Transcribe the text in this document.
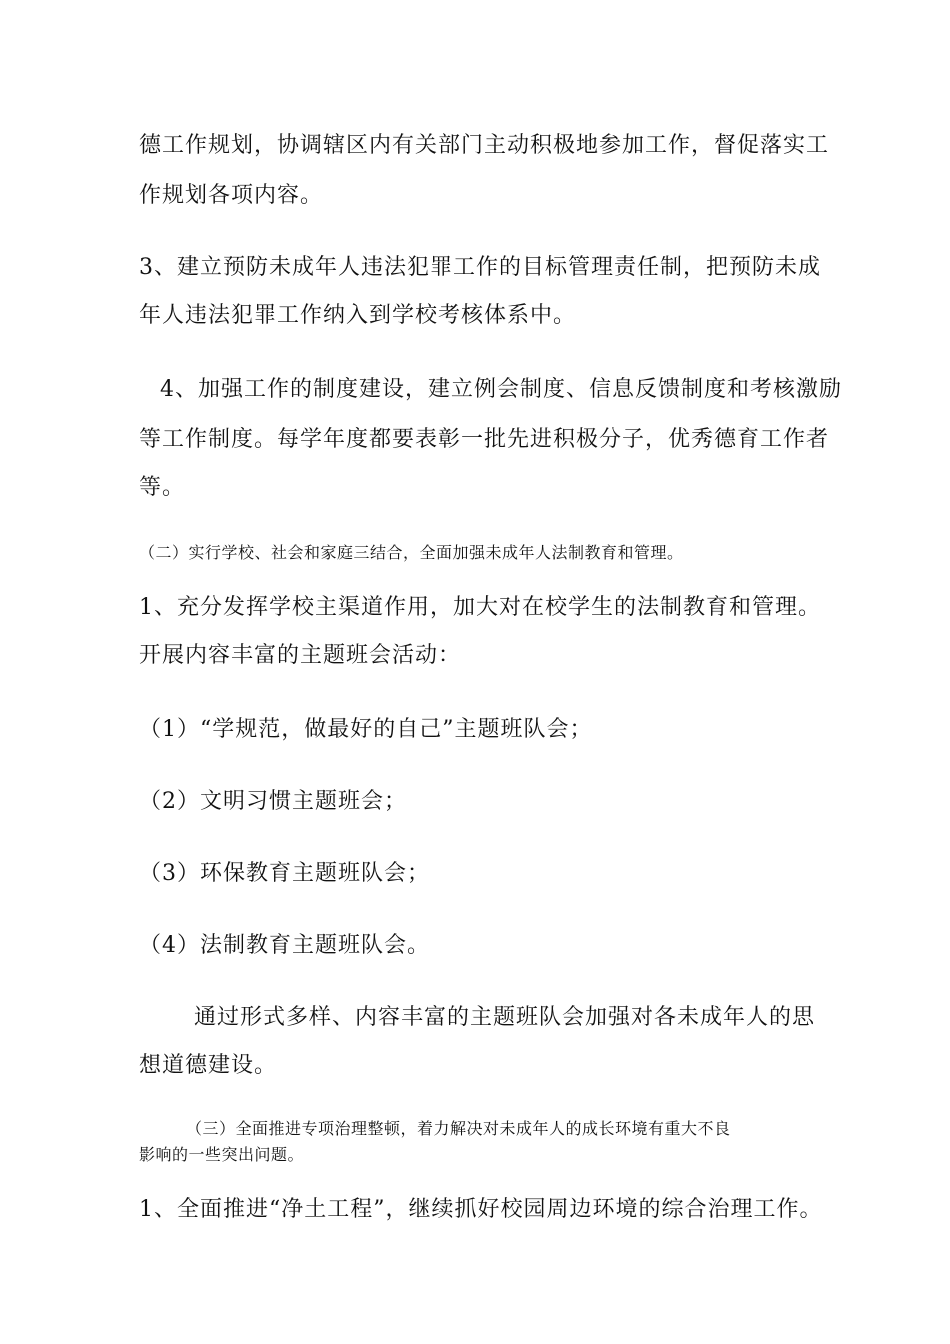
德工作规划，协调辖区内有关部门主动积极地参加工作，督促落实工

作规划各项内容。

3、建立预防未成年人违法犯罪工作的目标管理责任制，把预防未成

年人违法犯罪工作纳入到学校考核体系中。

4、加强工作的制度建设，建立例会制度、信息反馈制度和考核激励

等工作制度。每学年度都要表彰一批先进积极分子，优秀德育工作者

等。

（二）实行学校、社会和家庭三结合，全面加强未成年人法制教育和管理。

1、充分发挥学校主渠道作用，加大对在校学生的法制教育和管理。

开展内容丰富的主题班会活动：

（1）“学规范，做最好的自己”主题班队会；

（2）文明习惯主题班会；

（3）环保教育主题班队会；

（4）法制教育主题班队会。

通过形式多样、内容丰富的主题班队会加强对各未成年人的思

想道德建设。

（三）全面推进专项治理整顿，着力解决对未成年人的成长环境有重大不良

影响的一些突出问题。

1、全面推进“净土工程”，继续抓好校园周边环境的综合治理工作。
